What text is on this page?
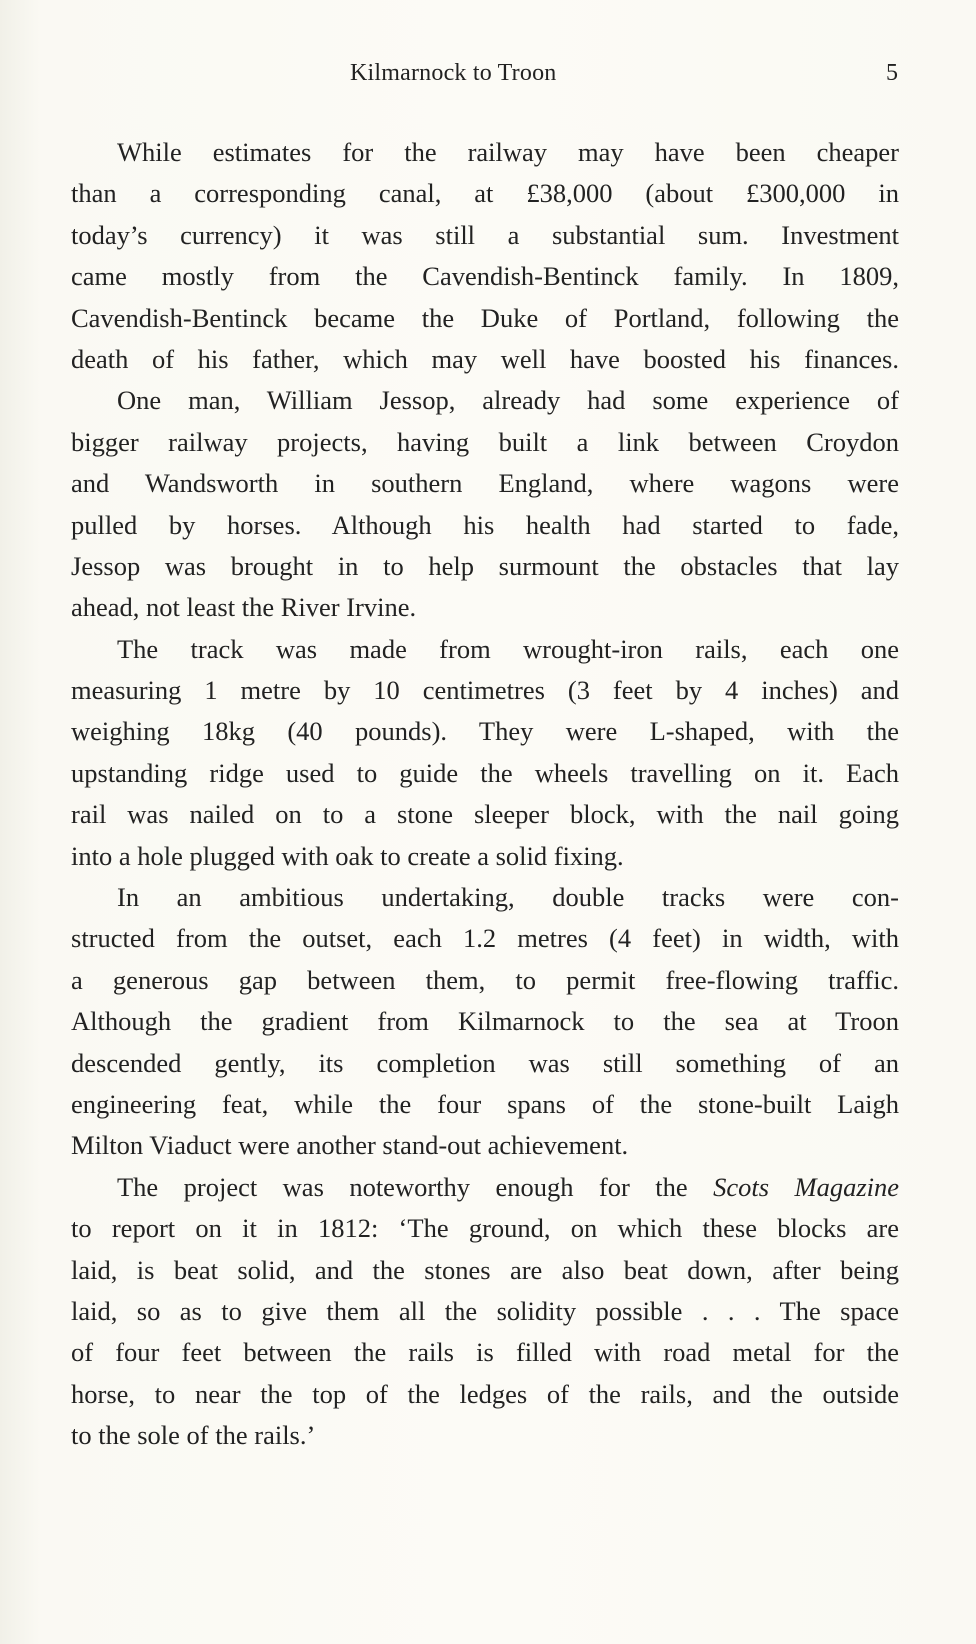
Kilmarnock to Troon	5
While estimates for the railway may have been cheaper
than a corresponding canal, at £38,000 (about £300,000 in
today’s currency) it was still a substantial sum. Investment
came mostly from the Cavendish-Bentinck family. In 1809,
Cavendish-Bentinck became the Duke of Portland, following the
death of his father, which may well have boosted his finances.
One man, William Jessop, already had some experience of
bigger railway projects, having built a link between Croydon
and Wandsworth in southern England, where wagons were
pulled by horses. Although his health had started to fade,
Jessop was brought in to help surmount the obstacles that lay
ahead, not least the River Irvine.
The track was made from wrought-iron rails, each one
measuring 1 metre by 10 centimetres (3 feet by 4 inches) and
weighing 18kg (40 pounds). They were L-shaped, with the
upstanding ridge used to guide the wheels travelling on it. Each
rail was nailed on to a stone sleeper block, with the nail going
into a hole plugged with oak to create a solid fixing.
In an ambitious undertaking, double tracks were con-
structed from the outset, each 1.2 metres (4 feet) in width, with
a generous gap between them, to permit free-flowing traffic.
Although the gradient from Kilmarnock to the sea at Troon
descended gently, its completion was still something of an
engineering feat, while the four spans of the stone-built Laigh
Milton Viaduct were another stand-out achievement.
The project was noteworthy enough for the Scots Magazine
to report on it in 1812: ‘The ground, on which these blocks are
laid, is beat solid, and the stones are also beat down, after being
laid, so as to give them all the solidity possible . . . The space
of four feet between the rails is filled with road metal for the
horse, to near the top of the ledges of the rails, and the outside
to the sole of the rails.’
